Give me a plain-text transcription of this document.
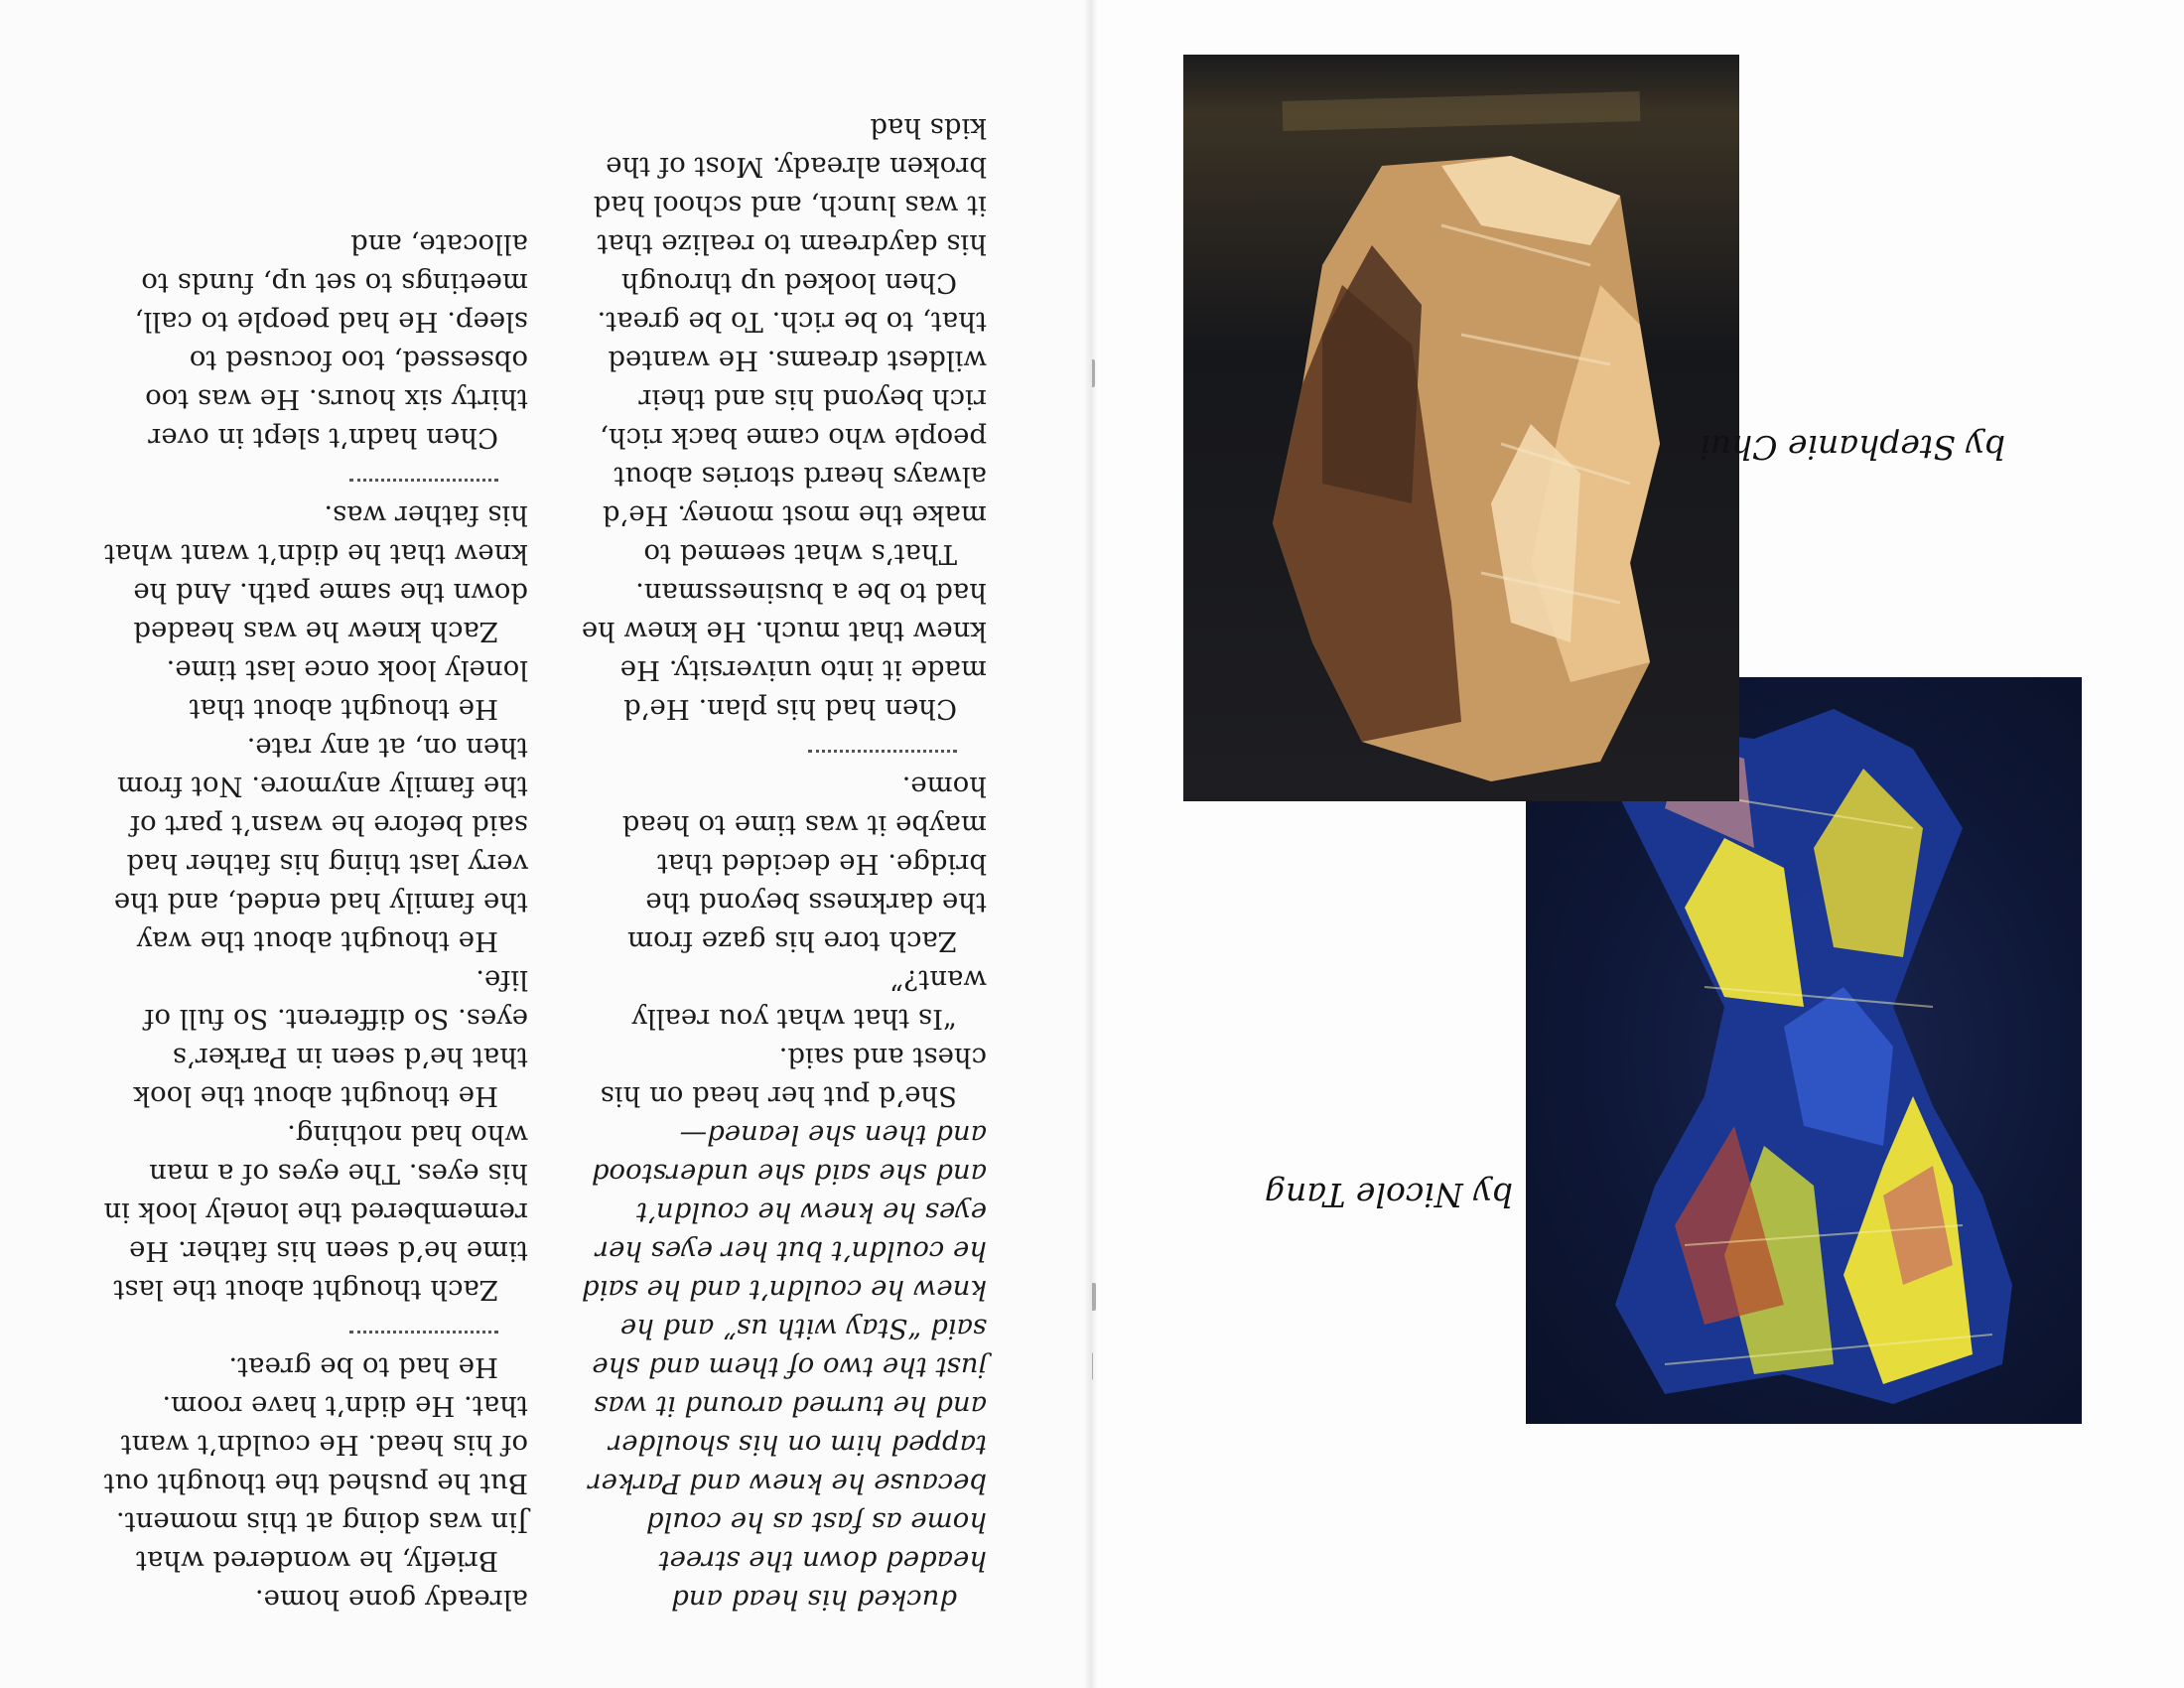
by Nicole Tang
by Stephanie Chui

ducked his head and headed down the street home as fast as he could because he knew and Parker tapped him on his shoulder and he turned around it was just the two of them and she said “Stay with us” and he knew he couldn’t and he said he couldn’t but her eyes her eyes he knew he couldn’t and she said she understood and then she leaned—

She’d put her head on his chest and said.

“Is that what you really want?”

Zach tore his gaze from the darkness beyond the bridge. He decided that maybe it was time to head home.

Chen had his plan. He’d made it into university. He knew that much. He knew he had to be a businessman.

That’s what seemed to make the most money. He’d always heard stories about people who came back rich, rich beyond his and their wildest dreams. He wanted that, to be rich. To be great.

Chen looked up through his daydream to realize that it was lunch, and school had broken already. Most of the kids had

already gone home.

Briefly, he wondered what Jin was doing at this moment. But he pushed the thought out of his head. He couldn’t want that. He didn’t have room.

He had to be great.

Zach thought about the last time he’d seen his father. He remembered the lonely look in his eyes. The eyes of a man who had nothing.

He thought about the look that he’d seen in Parker’s eyes. So different. So full of life.

He thought about the way the family had ended, and the very last thing his father had said before he wasn’t part of the family anymore. Not from then on, at any rate.

He thought about that lonely look once last time.

Zach knew he was headed down the same path. And he knew that he didn’t want what his father was.

Chen hadn’t slept in over thirty six hours. He was too obsessed, too focused to sleep. He had people to call, meetings to set up, funds to allocate, and
